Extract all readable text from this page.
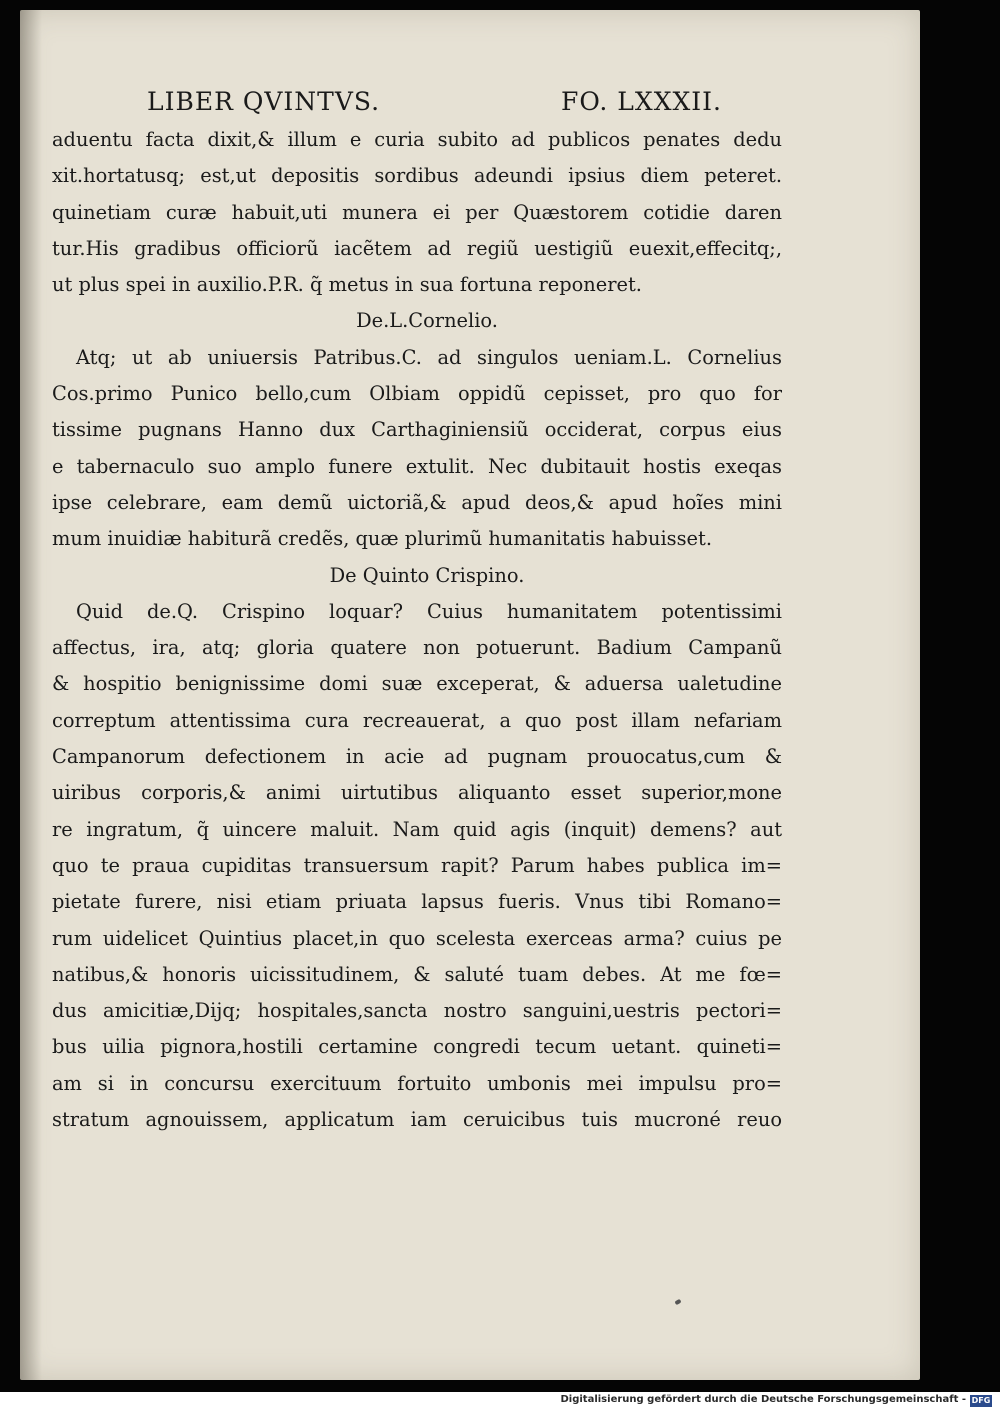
LIBER QVINTVS.	FO. LXXXII.
aduentu facta dixit,& illum e curia subito ad publicos penates dedu
xit.hortatusq; est,ut depositis sordibus adeundi ipsius diem peteret.
quinetiam curæ habuit,uti munera ei per Quæstorem cotidie daren
tur.His gradibus officiorũ iacẽtem ad regiũ uestigiũ euexit,effecitq;,
ut plus spei in auxilio.P.R. q̃ metus in sua fortuna reponeret.
De.L.Cornelio.
Atq; ut ab uniuersis Patribus.C. ad singulos ueniam.L. Cornelius
Cos.primo Punico bello,cum Olbiam oppidũ cepisset, pro quo for
tissime pugnans Hanno dux Carthaginiensiũ occiderat, corpus eius
e tabernaculo suo amplo funere extulit. Nec dubitauit hostis exeqas
ipse celebrare, eam demũ uictoriã,& apud deos,& apud hoĩes mini
mum inuidiæ habiturã credẽs, quæ plurimũ humanitatis habuisset.
De Quinto Crispino.
Quid de.Q. Crispino loquar? Cuius humanitatem potentissimi
affectus, ira, atq; gloria quatere non potuerunt. Badium Campanũ
& hospitio benignissime domi suæ exceperat, & aduersa ualetudine
correptum attentissima cura recreauerat, a quo post illam nefariam
Campanorum defectionem in acie ad pugnam prouocatus,cum &
uiribus corporis,& animi uirtutibus aliquanto esset superior,mone
re ingratum, q̃ uincere maluit. Nam quid agis (inquit) demens? aut
quo te praua cupiditas transuersum rapit? Parum habes publica im=
pietate furere, nisi etiam priuata lapsus fueris. Vnus tibi Romano=
rum uidelicet Quintius placet,in quo scelesta exerceas arma? cuius pe
natibus,& honoris uicissitudinem, & saluté tuam debes. At me fœ=
dus amicitiæ,Dijq; hospitales,sancta nostro sanguini,uestris pectori=
bus uilia pignora,hostili certamine congredi tecum uetant. quineti=
am si in concursu exercituum fortuito umbonis mei impulsu pro=
stratum agnouissem, applicatum iam ceruicibus tuis mucroné reuo
Digitalisierung gefördert durch die Deutsche Forschungsgemeinschaft - DFG
